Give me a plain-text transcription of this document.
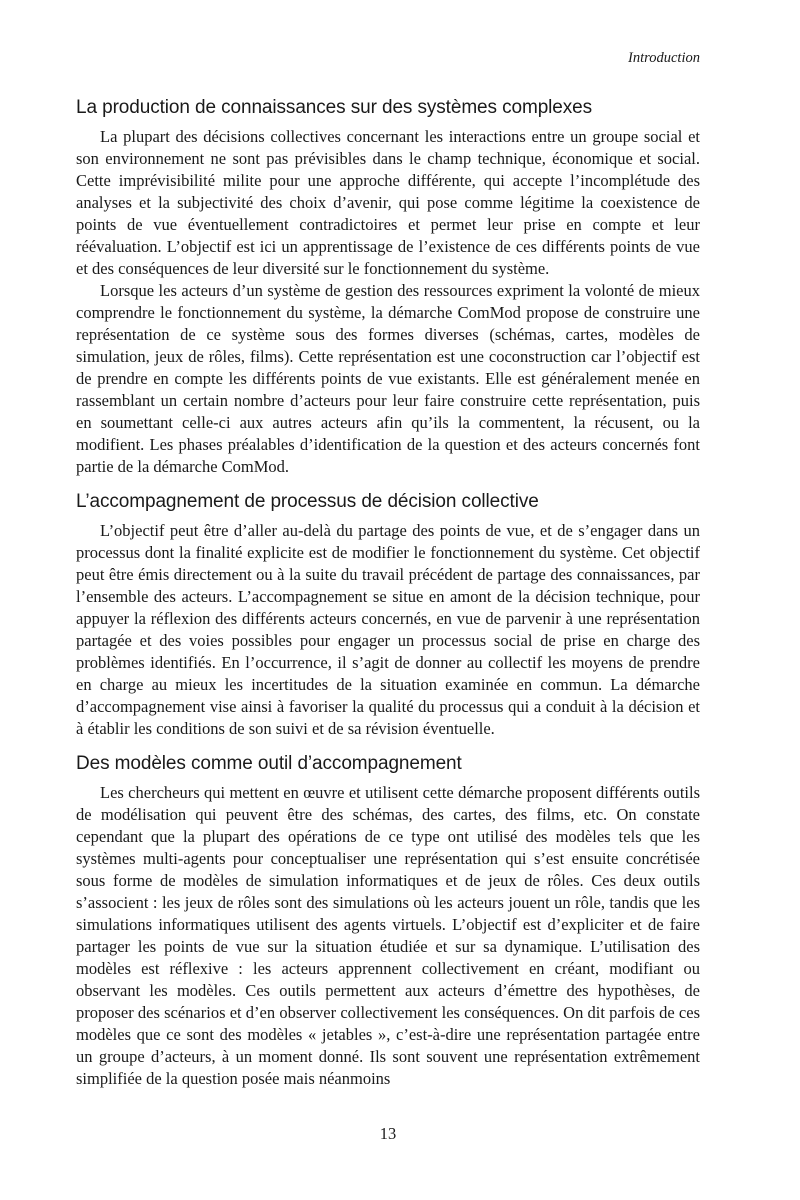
Introduction
La production de connaissances sur des systèmes complexes

La plupart des décisions collectives concernant les interactions entre un groupe social et son environnement ne sont pas prévisibles dans le champ technique, économique et social. Cette imprévisibilité milite pour une approche différente, qui accepte l’incomplétude des analyses et la subjectivité des choix d’avenir, qui pose comme légitime la coexistence de points de vue éventuellement contradictoires et permet leur prise en compte et leur réévaluation. L’objectif est ici un apprentissage de l’existence de ces différents points de vue et des conséquences de leur diversité sur le fonctionnement du système.

Lorsque les acteurs d’un système de gestion des ressources expriment la volonté de mieux comprendre le fonctionnement du système, la démarche ComMod propose de construire une représentation de ce système sous des formes diverses (schémas, cartes, modèles de simulation, jeux de rôles, films). Cette représentation est une coconstruction car l’objectif est de prendre en compte les différents points de vue existants. Elle est généralement menée en rassemblant un certain nombre d’acteurs pour leur faire construire cette représentation, puis en soumettant celle-ci aux autres acteurs afin qu’ils la commentent, la récusent, ou la modifient. Les phases préalables d’identification de la question et des acteurs concernés font partie de la démarche ComMod.

L’accompagnement de processus de décision collective

L’objectif peut être d’aller au-delà du partage des points de vue, et de s’engager dans un processus dont la finalité explicite est de modifier le fonctionnement du système. Cet objectif peut être émis directement ou à la suite du travail précédent de partage des connaissances, par l’ensemble des acteurs. L’accompagnement se situe en amont de la décision technique, pour appuyer la réflexion des différents acteurs concernés, en vue de parvenir à une représentation partagée et des voies possibles pour engager un processus social de prise en charge des problèmes identifiés. En l’occurrence, il s’agit de donner au collectif les moyens de prendre en charge au mieux les incertitudes de la situation examinée en commun. La démarche d’accompagnement vise ainsi à favoriser la qualité du processus qui a conduit à la décision et à établir les conditions de son suivi et de sa révision éventuelle.

Des modèles comme outil d’accompagnement

Les chercheurs qui mettent en œuvre et utilisent cette démarche proposent différents outils de modélisation qui peuvent être des schémas, des cartes, des films, etc. On constate cependant que la plupart des opérations de ce type ont utilisé des modèles tels que les systèmes multi-agents pour conceptualiser une représentation qui s’est ensuite concrétisée sous forme de modèles de simulation informatiques et de jeux de rôles. Ces deux outils s’associent : les jeux de rôles sont des simulations où les acteurs jouent un rôle, tandis que les simulations informatiques utilisent des agents virtuels. L’objectif est d’expliciter et de faire partager les points de vue sur la situation étudiée et sur sa dynamique. L’utilisation des modèles est réflexive : les acteurs apprennent collectivement en créant, modifiant ou observant les modèles. Ces outils permettent aux acteurs d’émettre des hypothèses, de proposer des scénarios et d’en observer collectivement les conséquences. On dit parfois de ces modèles que ce sont des modèles « jetables », c’est-à-dire une représentation partagée entre un groupe d’acteurs, à un moment donné. Ils sont souvent une représentation extrêmement simplifiée de la question posée mais néanmoins

13
